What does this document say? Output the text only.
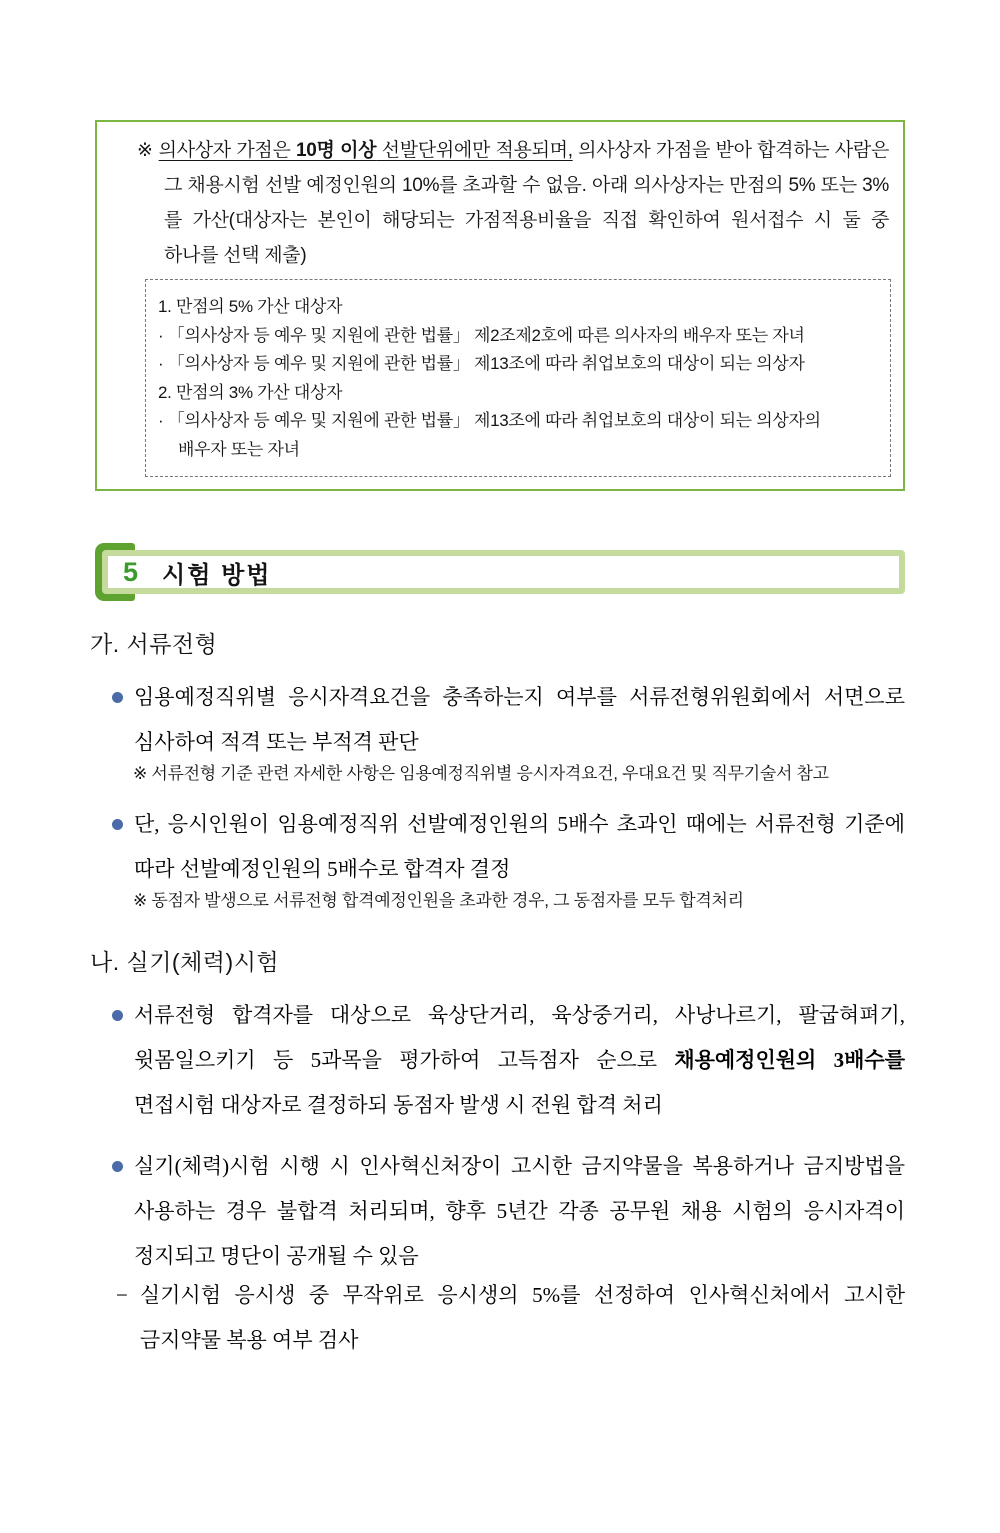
※ 의사상자 가점은 10명 이상 선발단위에만 적용되며, 의사상자 가점을 받아 합격하는 사람은 그 채용시험 선발 예정인원의 10%를 초과할 수 없음. 아래 의사상자는 만점의 5% 또는 3%를 가산(대상자는 본인이 해당되는 가점적용비율을 직접 확인하여 원서접수 시 둘 중 하나를 선택 제출)
1. 만점의 5% 가산 대상자
· 「의사상자 등 예우 및 지원에 관한 법률」 제2조제2호에 따른 의사자의 배우자 또는 자녀
· 「의사상자 등 예우 및 지원에 관한 법률」 제13조에 따라 취업보호의 대상이 되는 의상자
2. 만점의 3% 가산 대상자
· 「의사상자 등 예우 및 지원에 관한 법률」 제13조에 따라 취업보호의 대상이 되는 의상자의
배우자 또는 자녀
5 시험 방법
가. 서류전형
임용예정직위별 응시자격요건을 충족하는지 여부를 서류전형위원회에서 서면으로 심사하여 적격 또는 부적격 판단
※ 서류전형 기준 관련 자세한 사항은 임용예정직위별 응시자격요건, 우대요건 및 직무기술서 참고
단, 응시인원이 임용예정직위 선발예정인원의 5배수 초과인 때에는 서류전형 기준에 따라 선발예정인원의 5배수로 합격자 결정
※ 동점자 발생으로 서류전형 합격예정인원을 초과한 경우, 그 동점자를 모두 합격처리
나. 실기(체력)시험
서류전형 합격자를 대상으로 육상단거리, 육상중거리, 사낭나르기, 팔굽혀펴기, 윗몸일으키기 등 5과목을 평가하여 고득점자 순으로 채용예정인원의 3배수를 면접시험 대상자로 결정하되 동점자 발생 시 전원 합격 처리
실기(체력)시험 시행 시 인사혁신처장이 고시한 금지약물을 복용하거나 금지방법을 사용하는 경우 불합격 처리되며, 향후 5년간 각종 공무원 채용 시험의 응시자격이 정지되고 명단이 공개될 수 있음
− 실기시험 응시생 중 무작위로 응시생의 5%를 선정하여 인사혁신처에서 고시한 금지약물 복용 여부 검사
